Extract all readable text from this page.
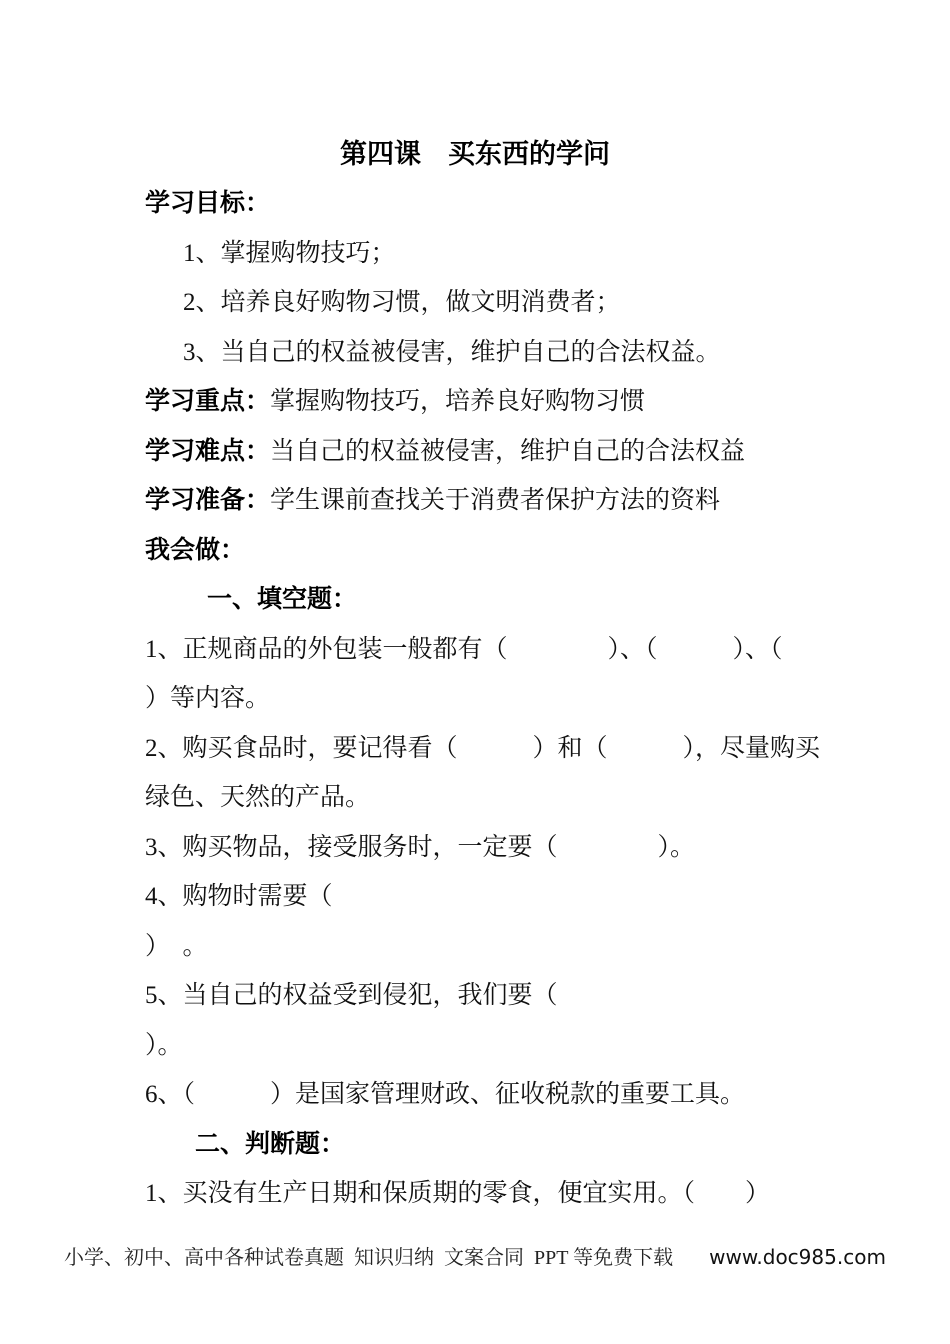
第四课　买东西的学问
学习目标：
1、掌握购物技巧；
2、培养良好购物习惯，做文明消费者；
3、当自己的权益被侵害，维护自己的合法权益。
学习重点： 掌握购物技巧，培养良好购物习惯
学习难点： 当自己的权益被侵害，维护自己的合法权益
学习准备： 学生课前查找关于消费者保护方法的资料
我会做：
一、填空题：
1、正规商品的外包装一般都有（　　　　）、（　　　）、（
）等内容。
2、购买食品时，要记得看（　　　）和（　　　），尽量购买
绿色、天然的产品。
3、购买物品，接受服务时，一定要（　　　　）。
4、购物时需要（
）　。
5、当自己的权益受到侵犯，我们要（
）。
6、（　　　）是国家管理财政、征收税款的重要工具。
二、判断题：
1、买没有生产日期和保质期的零食，便宜实用。（　　）
小学、初中、高中各种试卷真题  知识归纳  文案合同  PPT 等免费下载 www.doc985.com
